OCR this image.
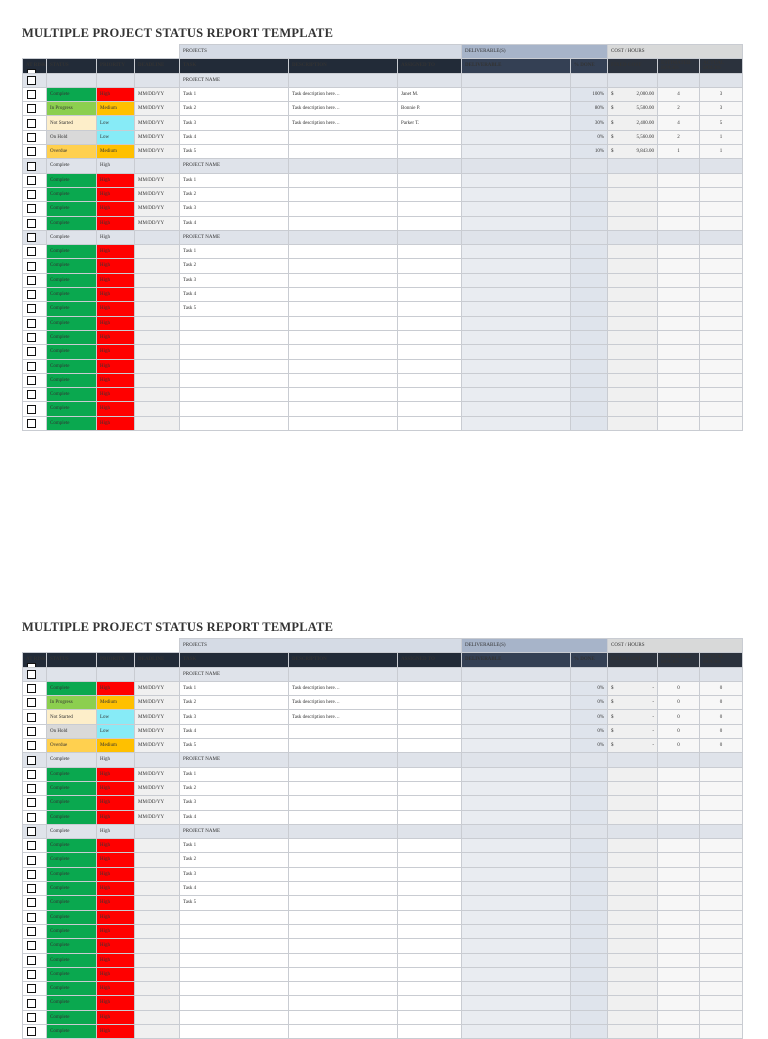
MULTIPLE PROJECT STATUS REPORT TEMPLATE
				PROJECTS			DELIVERABLE(S)		COST / HOURS		
AT RISK	STATUS	PRIORITY	DEADLINE	TASK	DESCRIPTION	ASSIGNED TO	DELIVERABLE	% DONE	FIXED COST	ESTIMATED HOURS	ACTUAL HOURS
				PROJECT NAME							
	Complete	High	MM/DD/YY	Task 1	Task description here…	Janet M.		100%	$ 2,000.00	4	3
	In Progress	Medium	MM/DD/YY	Task 2	Task description here…	Bonnie P.		80%	$ 5,500.00	2	3
	Not Started	Low	MM/DD/YY	Task 3	Task description here…	Parker T.		30%	$ 2,400.00	4	5
	On Hold	Low	MM/DD/YY	Task 4				0%	$ 5,560.00	2	1
	Overdue	Medium	MM/DD/YY	Task 5				10%	$ 9,843.00	1	1
	Complete	High		PROJECT NAME							
	Complete	High	MM/DD/YY	Task 1							
	Complete	High	MM/DD/YY	Task 2							
	Complete	High	MM/DD/YY	Task 3							
	Complete	High	MM/DD/YY	Task 4							
	Complete	High		PROJECT NAME							
	Complete	High		Task 1							
	Complete	High		Task 2							
	Complete	High		Task 3							
	Complete	High		Task 4							
	Complete	High		Task 5							
	Complete	High									
	Complete	High									
	Complete	High									
	Complete	High									
	Complete	High									
	Complete	High									
	Complete	High									
	Complete	High									
MULTIPLE PROJECT STATUS REPORT TEMPLATE
				PROJECTS			DELIVERABLE(S)		COST / HOURS		
AT RISK	STATUS	PRIORITY	DEADLINE	TASK	DESCRIPTION	ASSIGNED TO	DELIVERABLE	% DONE	FIXED COST	ESTIMATED HOURS	ACTUAL HOURS
				PROJECT NAME							
	Complete	High	MM/DD/YY	Task 1	Task description here…			0%	$ -	0	0
	In Progress	Medium	MM/DD/YY	Task 2	Task description here…			0%	$ -	0	0
	Not Started	Low	MM/DD/YY	Task 3	Task description here…			0%	$ -	0	0
	On Hold	Low	MM/DD/YY	Task 4				0%	$ -	0	0
	Overdue	Medium	MM/DD/YY	Task 5				0%	$ -	0	0
	Complete	High		PROJECT NAME							
	Complete	High	MM/DD/YY	Task 1							
	Complete	High	MM/DD/YY	Task 2							
	Complete	High	MM/DD/YY	Task 3							
	Complete	High	MM/DD/YY	Task 4							
	Complete	High		PROJECT NAME							
	Complete	High		Task 1							
	Complete	High		Task 2							
	Complete	High		Task 3							
	Complete	High		Task 4							
	Complete	High		Task 5							
	Complete	High									
	Complete	High									
	Complete	High									
	Complete	High									
	Complete	High									
	Complete	High									
	Complete	High									
	Complete	High									
	Complete	High									
